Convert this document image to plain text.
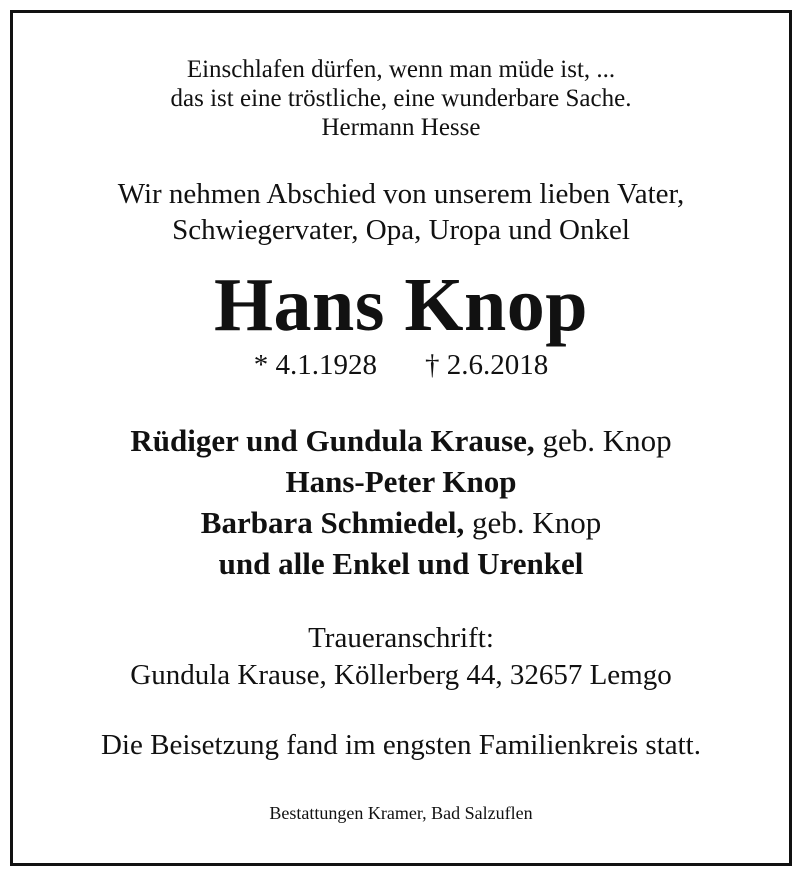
Einschlafen dürfen, wenn man müde ist, ...
das ist eine tröstliche, eine wunderbare Sache.
Hermann Hesse
Wir nehmen Abschied von unserem lieben Vater,
Schwiegervater, Opa, Uropa und Onkel
Hans Knop
* 4.1.1928 † 2.6.2018
Rüdiger und Gundula Krause, geb. Knop
Hans-Peter Knop
Barbara Schmiedel, geb. Knop
und alle Enkel und Urenkel
Traueranschrift:
Gundula Krause, Köllerberg 44, 32657 Lemgo
Die Beisetzung fand im engsten Familienkreis statt.
Bestattungen Kramer, Bad Salzuflen
